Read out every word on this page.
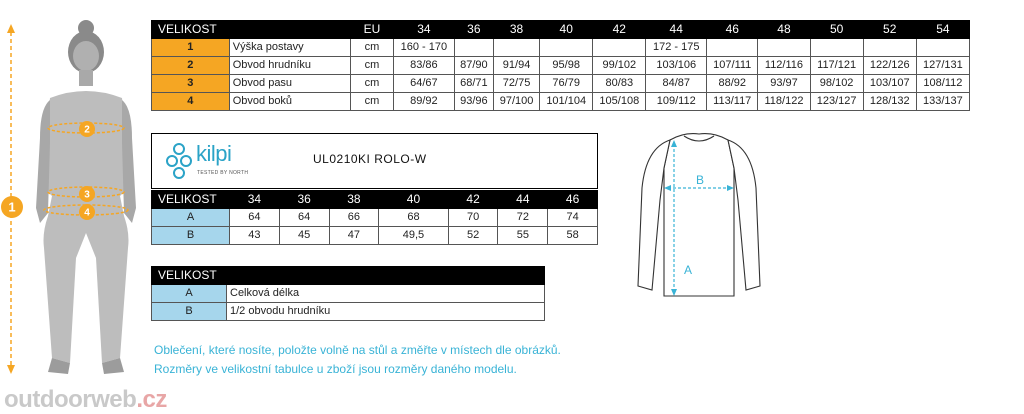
1
2
3
4
VELIKOST		EU	34	36	38	40	42	44	46	48	50	52	54
1	Výška postavy	cm	160 - 170					172 - 175					
2	Obvod hrudníku	cm	83/86	87/90	91/94	95/98	99/102	103/106	107/111	112/116	117/121	122/126	127/131
3	Obvod pasu	cm	64/67	68/71	72/75	76/79	80/83	84/87	88/92	93/97	98/102	103/107	108/112
4	Obvod boků	cm	89/92	93/96	97/100	101/104	105/108	109/112	113/117	118/122	123/127	128/132	133/137
kilpi
TESTED BY NORTH
UL0210KI ROLO-W
VELIKOST	34	36	38	40	42	44	46
A	64	64	66	68	70	72	74
B	43	45	47	49,5	52	55	58
VELIKOST	
A	Celková délka
B	1/2 obvodu hrudníku
A
B
Oblečení, které nosíte, položte volně na stůl a změřte v místech dle obrázků.
Rozměry ve velikostní tabulce u zboží jsou rozměry daného modelu.
outdoorweb.cz
